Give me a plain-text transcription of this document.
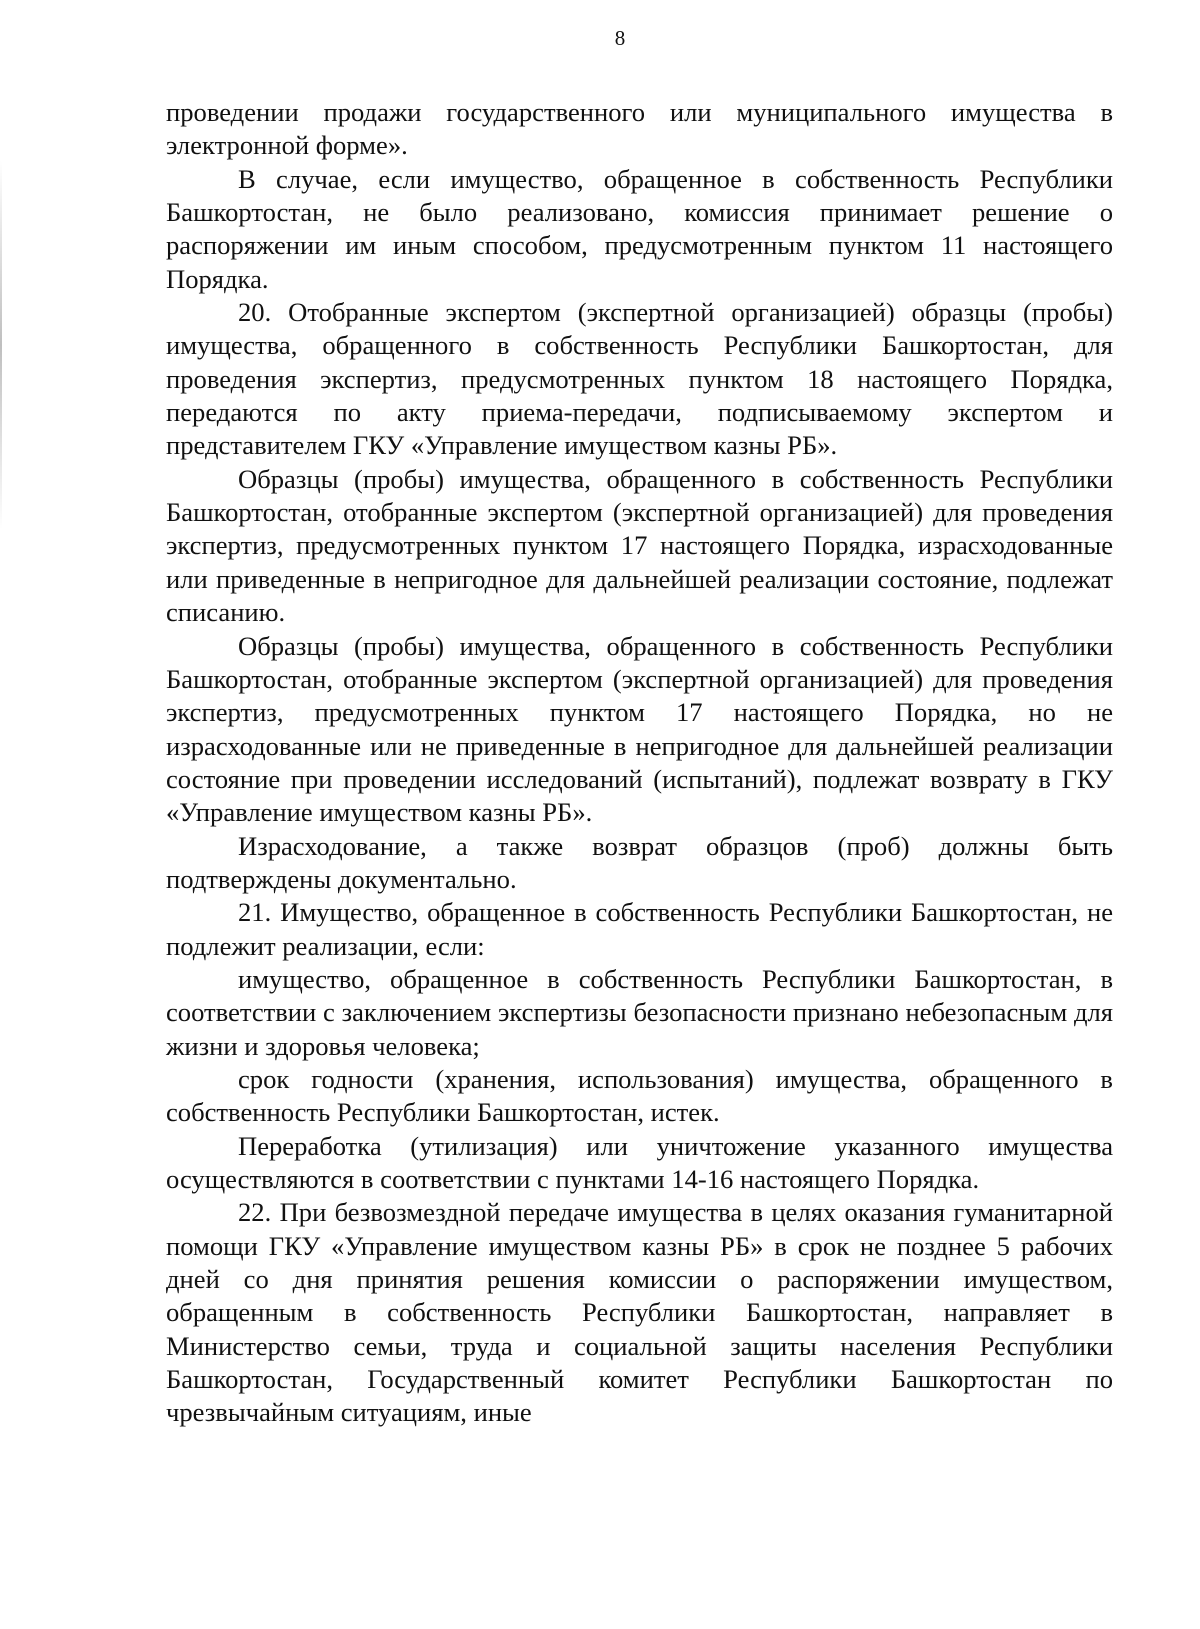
8

проведении продажи государственного или муниципального имущества в электронной форме».

В случае, если имущество, обращенное в собственность Республики Башкортостан, не было реализовано, комиссия принимает решение о распоряжении им иным способом, предусмотренным пунктом 11 настоящего Порядка.

20. Отобранные экспертом (экспертной организацией) образцы (пробы) имущества, обращенного в собственность Республики Башкортостан, для проведения экспертиз, предусмотренных пунктом 18 настоящего Порядка, передаются по акту приема-передачи, подписываемому экспертом и представителем ГКУ «Управление имуществом казны РБ».

Образцы (пробы) имущества, обращенного в собственность Республики Башкортостан, отобранные экспертом (экспертной организацией) для проведения экспертиз, предусмотренных пунктом 17 настоящего Порядка, израсходованные или приведенные в непригодное для дальнейшей реализации состояние, подлежат списанию.

Образцы (пробы) имущества, обращенного в собственность Республики Башкортостан, отобранные экспертом (экспертной организацией) для проведения экспертиз, предусмотренных пунктом 17 настоящего Порядка, но не израсходованные или не приведенные в непригодное для дальнейшей реализации состояние при проведении исследований (испытаний), подлежат возврату в ГКУ «Управление имуществом казны РБ».

Израсходование, а также возврат образцов (проб) должны быть подтверждены документально.

21. Имущество, обращенное в собственность Республики Башкортостан, не подлежит реализации, если:

имущество, обращенное в собственность Республики Башкортостан, в соответствии с заключением экспертизы безопасности признано небезопасным для жизни и здоровья человека;

срок годности (хранения, использования) имущества, обращенного в собственность Республики Башкортостан, истек.

Переработка (утилизация) или уничтожение указанного имущества осуществляются в соответствии с пунктами 14-16 настоящего Порядка.

22. При безвозмездной передаче имущества в целях оказания гуманитарной помощи ГКУ «Управление имуществом казны РБ» в срок не позднее 5 рабочих дней со дня принятия решения комиссии о распоряжении имуществом, обращенным в собственность Республики Башкортостан, направляет в Министерство семьи, труда и социальной защиты населения Республики Башкортостан, Государственный комитет Республики Башкортостан по чрезвычайным ситуациям, иные
